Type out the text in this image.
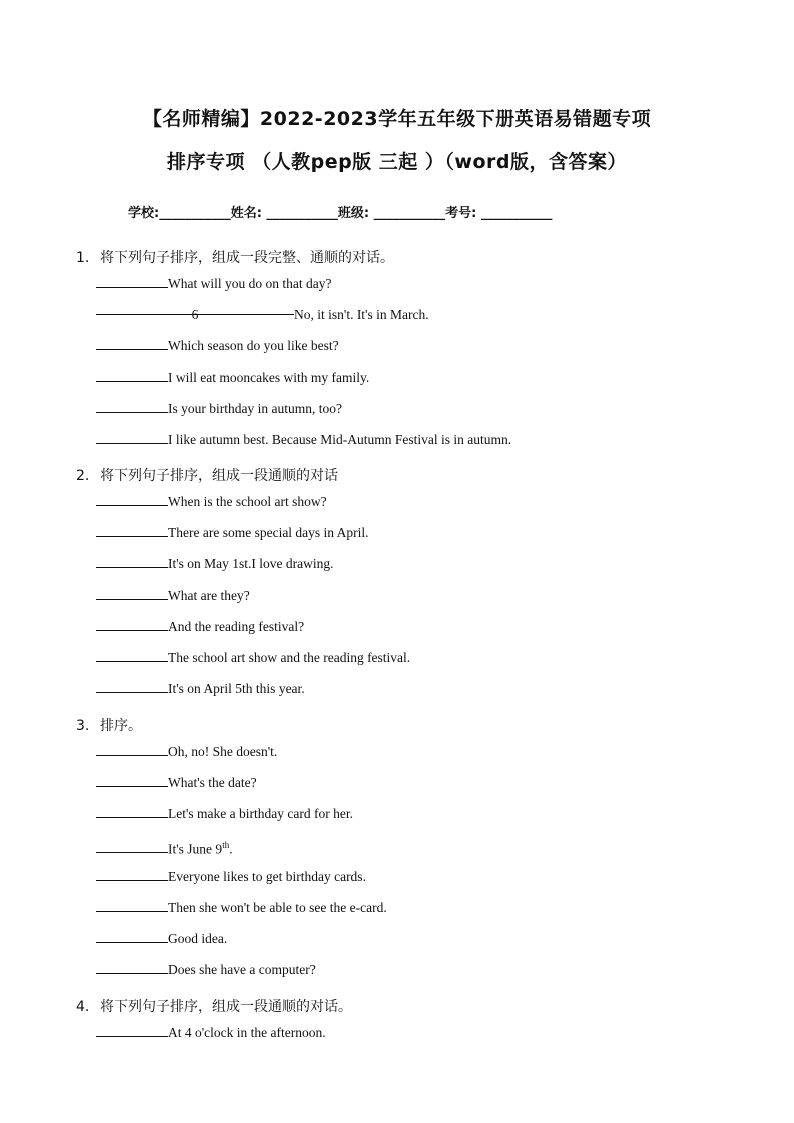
【名师精编】2022-2023学年五年级下册英语易错题专项
排序专项 （人教pep版 三起 ）（word版，含答案）
学校:___________姓名: ___________班级: ___________考号: ___________
1. 将下列句子排序，组成一段完整、通顺的对话。
What will you do on that day?
6	No, it isn't. It's in March.
Which season do you like best?
I will eat mooncakes with my family.
Is your birthday in autumn, too?
I like autumn best. Because Mid-Autumn Festival is in autumn.
2. 将下列句子排序，组成一段通顺的对话
When is the school art show?
There are some special days in April.
It's on May 1st.I love drawing.
What are they?
And the reading festival?
The school art show and the reading festival.
It's on April 5th this year.
3. 排序。
Oh, no! She doesn't.
What's the date?
Let's make a birthday card for her.
It's June 9th.
Everyone likes to get birthday cards.
Then she won't be able to see the e-card.
Good idea.
Does she have a computer?
4. 将下列句子排序，组成一段通顺的对话。
At 4 o'clock in the afternoon.
